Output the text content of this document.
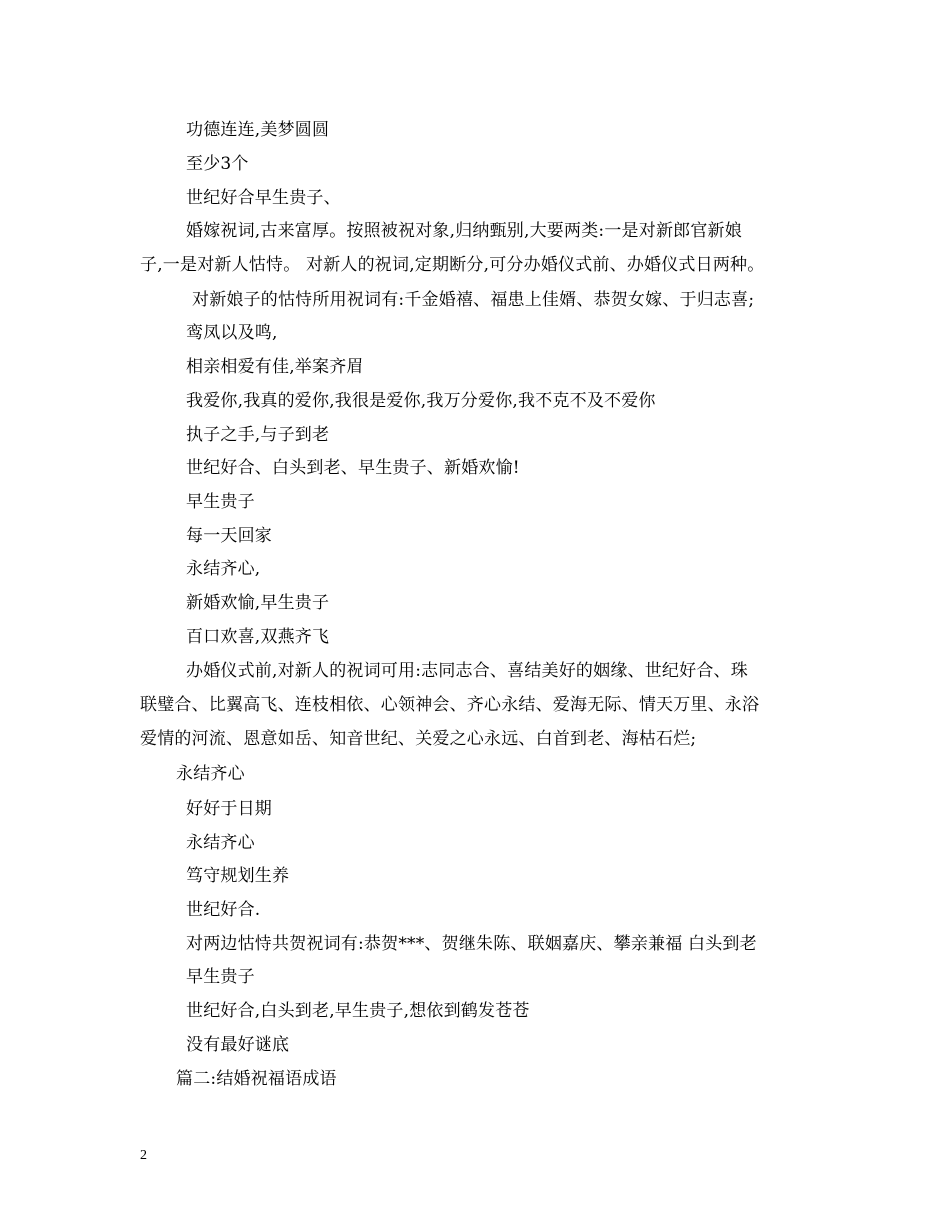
功德连连,美梦圆圆
至少3个
世纪好合早生贵子、
婚嫁祝词,古来富厚。按照被祝对象,归纳甄别,大要两类:一是对新郎官新娘
子,一是对新人怙恃。 对新人的祝词,定期断分,可分办婚仪式前、办婚仪式日两种。
对新娘子的怙恃所用祝词有:千金婚禧、福患上佳婿、恭贺女嫁、于归志喜;
鸾凤以及鸣,
相亲相爱有佳,举案齐眉
我爱你,我真的爱你,我很是爱你,我万分爱你,我不克不及不爱你
执子之手,与子到老
世纪好合、白头到老、早生贵子、新婚欢愉!
早生贵子
每一天回家
永结齐心,
新婚欢愉,早生贵子
百口欢喜,双燕齐飞
办婚仪式前,对新人的祝词可用:志同志合、喜结美好的姻缘、世纪好合、珠
联璧合、比翼高飞、连枝相依、心领神会、齐心永结、爱海无际、情天万里、永浴
爱情的河流、恩意如岳、知音世纪、关爱之心永远、白首到老、海枯石烂;
永结齐心
好好于日期
永结齐心
笃守规划生养
世纪好合.
对两边怙恃共贺祝词有:恭贺***、贺继朱陈、联姻嘉庆、攀亲兼福 白头到老
早生贵子
世纪好合,白头到老,早生贵子,想依到鹤发苍苍
没有最好谜底
篇二:结婚祝福语成语
2
